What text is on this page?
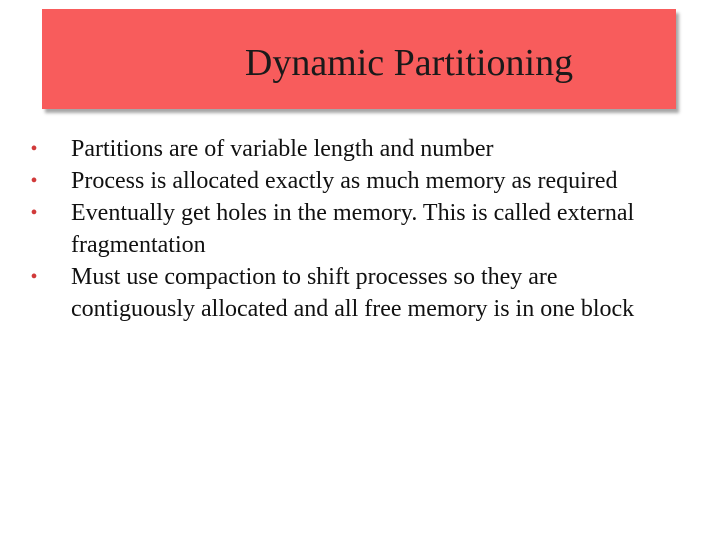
Dynamic Partitioning
• Partitions are of variable length and number
• Process is allocated exactly as much memory as required
• Eventually get holes in the memory. This is called external fragmentation
• Must use compaction to shift processes so they are contiguously allocated and all free memory is in one block
